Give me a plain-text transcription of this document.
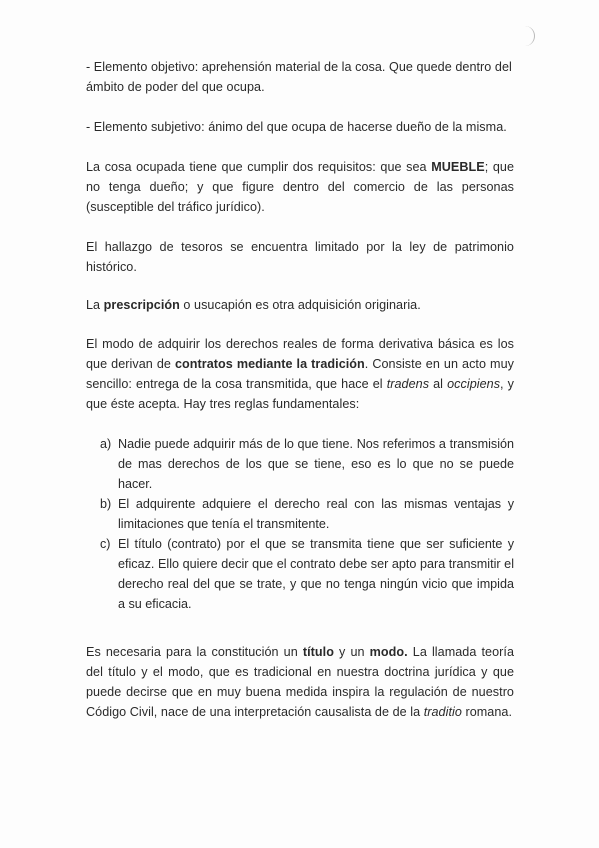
- Elemento objetivo: aprehensión material de la cosa. Que quede dentro del ámbito de poder del que ocupa.

- Elemento subjetivo: ánimo del que ocupa de hacerse dueño de la misma.

La cosa ocupada tiene que cumplir dos requisitos: que sea MUEBLE; que no tenga dueño; y que figure dentro del comercio de las personas (susceptible del tráfico jurídico).

El hallazgo de tesoros se encuentra limitado por la ley de patrimonio histórico.

La prescripción o usucapión es otra adquisición originaria.

El modo de adquirir los derechos reales de forma derivativa básica es los que derivan de contratos mediante la tradición. Consiste en un acto muy sencillo: entrega de la cosa transmitida, que hace el tradens al occipiens, y que éste acepta. Hay tres reglas fundamentales:

a) Nadie puede adquirir más de lo que tiene. Nos referimos a transmisión de mas derechos de los que se tiene, eso es lo que no se puede hacer.
b) El adquirente adquiere el derecho real con las mismas ventajas y limitaciones que tenía el transmitente.
c) El título (contrato) por el que se transmita tiene que ser suficiente y eficaz. Ello quiere decir que el contrato debe ser apto para transmitir el derecho real del que se trate, y que no tenga ningún vicio que impida a su eficacia.

Es necesaria para la constitución un título y un modo. La llamada teoría del título y el modo, que es tradicional en nuestra doctrina jurídica y que puede decirse que en muy buena medida inspira la regulación de nuestro Código Civil, nace de una interpretación causalista de de la traditio romana.
